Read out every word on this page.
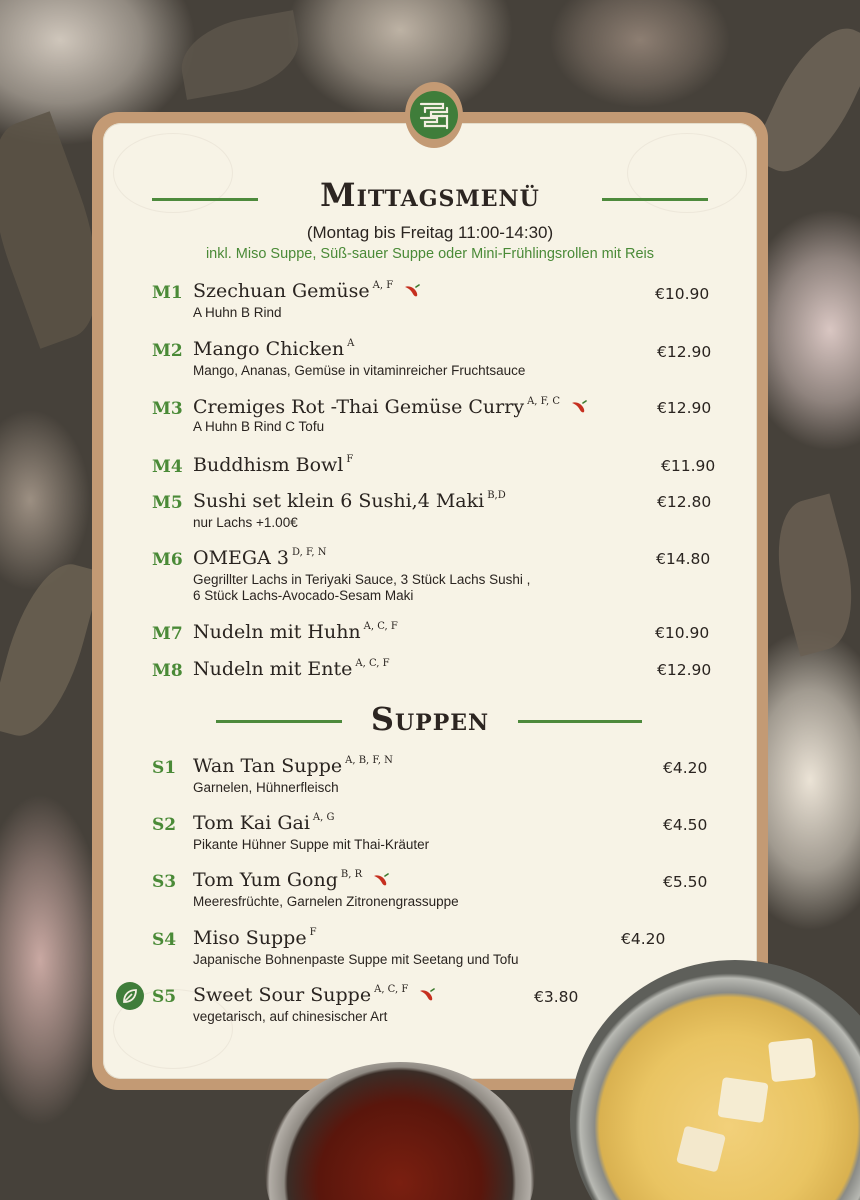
Mittagsmenü
(Montag bis Freitag 11:00-14:30)
inkl. Miso Suppe, Süß-sauer Suppe oder Mini-Frühlingsrollen mit Reis
M1 Szechuan Gemüse $^{A, F}$
A Huhn B Rind
€10.90
M2 Mango Chicken $^A$
Mango, Ananas, Gemüse in vitaminreicher Fruchtsauce
€12.90
M3 Cremiges Rot -Thai Gemüse Curry $^{A, F, C}$
A Huhn B Rind C Tofu
€12.90
M4 Buddhism Bowl $^F$	€11.90
M5 Sushi set klein 6 Sushi,4 Maki $^{B,D}$
nur Lachs +1.00€
€12.80
M6 OMEGA 3 $^{D, F, N}$
Gegrillter Lachs in Teriyaki Sauce, 3 Stück Lachs Sushi ,
6 Stück Lachs-Avocado-Sesam Maki
€14.80
M7 Nudeln mit Huhn $^{A, C, F}$	€10.90
M8 Nudeln mit Ente $^{A, C, F}$	€12.90
Suppen
S1 Wan Tan Suppe $^{A, B, F, N}$
Garnelen, Hühnerfleisch
€4.20
S2 Tom Kai Gai $^{A, G}$
Pikante Hühner Suppe mit Thai-Kräuter
€4.50
S3 Tom Yum Gong $^{B, R}$
Meeresfrüchte, Garnelen Zitronengrassuppe
€5.50
S4 Miso Suppe $^F$
Japanische Bohnenpaste Suppe mit Seetang und Tofu
€4.20
S5 Sweet Sour Suppe $^{A, C, F}$
vegetarisch, auf chinesischer Art
€3.80
